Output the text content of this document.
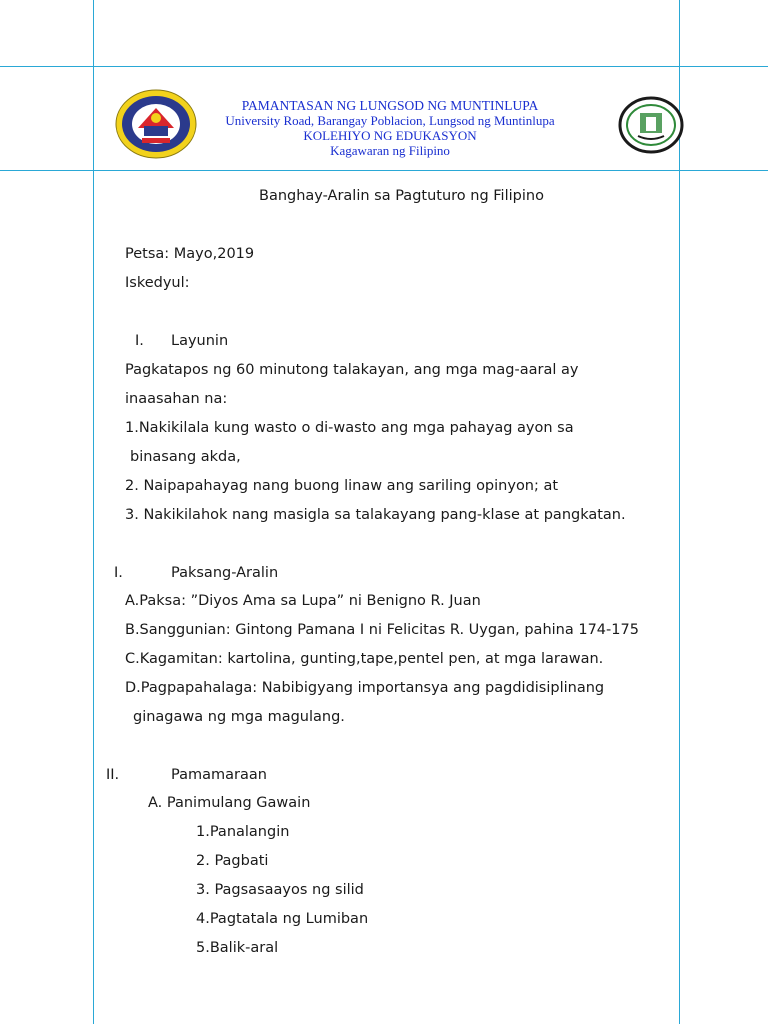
PAMANTASAN NG LUNGSOD NG MUNTINLUPA
University Road, Barangay Poblacion, Lungsod ng Muntinlupa
KOLEHIYO NG EDUKASYON
Kagawaran ng Filipino
Banghay-Aralin sa Pagtuturo ng Filipino
Petsa: Mayo,2019
Iskedyul:
I. Layunin
Pagkatapos ng 60 minutong talakayan, ang mga mag-aaral ay
inaasahan na:
1.Nakikilala kung wasto o di-wasto ang mga pahayag ayon sa
binasang akda,
2. Naipapahayag nang buong linaw ang sariling opinyon; at
3. Nakikilahok nang masigla sa talakayang pang-klase at pangkatan.
I.	Paksang-Aralin
A.Paksa: ”Diyos Ama sa Lupa” ni Benigno R. Juan
B.Sanggunian: Gintong Pamana I ni Felicitas R. Uygan, pahina 174-175
C.Kagamitan: kartolina, gunting,tape,pentel pen, at mga larawan.
D.Pagpapahalaga: Nabibigyang importansya ang pagdidisiplinang
ginagawa ng mga magulang.
II.	Pamamaraan
A. Panimulang Gawain
1.Panalangin
2. Pagbati
3. Pagsasaayos ng silid
4.Pagtatala ng Lumiban
5.Balik-aral
